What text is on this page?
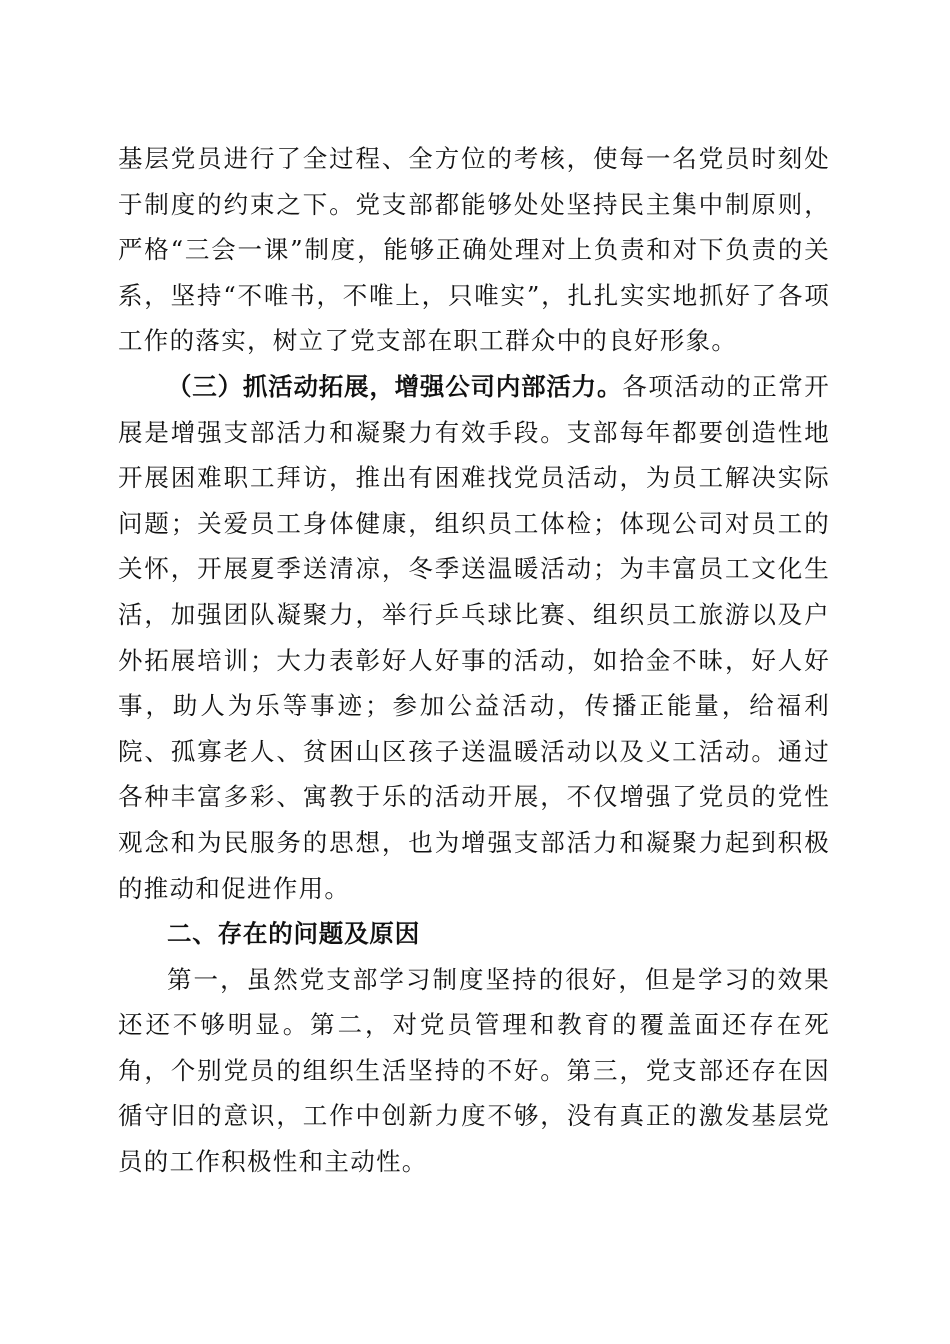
基层党员进行了全过程、全方位的考核，使每一名党员时刻处于制度的约束之下。党支部都能够处处坚持民主集中制原则，严格“三会一课”制度，能够正确处理对上负责和对下负责的关系，坚持“不唯书，不唯上，只唯实”，扎扎实实地抓好了各项工作的落实，树立了党支部在职工群众中的良好形象。

（三）抓活动拓展，增强公司内部活力。各项活动的正常开展是增强支部活力和凝聚力有效手段。支部每年都要创造性地开展困难职工拜访，推出有困难找党员活动，为员工解决实际问题；关爱员工身体健康，组织员工体检；体现公司对员工的关怀，开展夏季送清凉，冬季送温暖活动；为丰富员工文化生活，加强团队凝聚力，举行乒乓球比赛、组织员工旅游以及户外拓展培训；大力表彰好人好事的活动，如拾金不昧，好人好事，助人为乐等事迹；参加公益活动，传播正能量，给福利院、孤寡老人、贫困山区孩子送温暖活动以及义工活动。通过各种丰富多彩、寓教于乐的活动开展，不仅增强了党员的党性观念和为民服务的思想，也为增强支部活力和凝聚力起到积极的推动和促进作用。

二、存在的问题及原因

第一，虽然党支部学习制度坚持的很好，但是学习的效果还还不够明显。第二，对党员管理和教育的覆盖面还存在死角，个别党员的组织生活坚持的不好。第三，党支部还存在因循守旧的意识，工作中创新力度不够，没有真正的激发基层党员的工作积极性和主动性。
